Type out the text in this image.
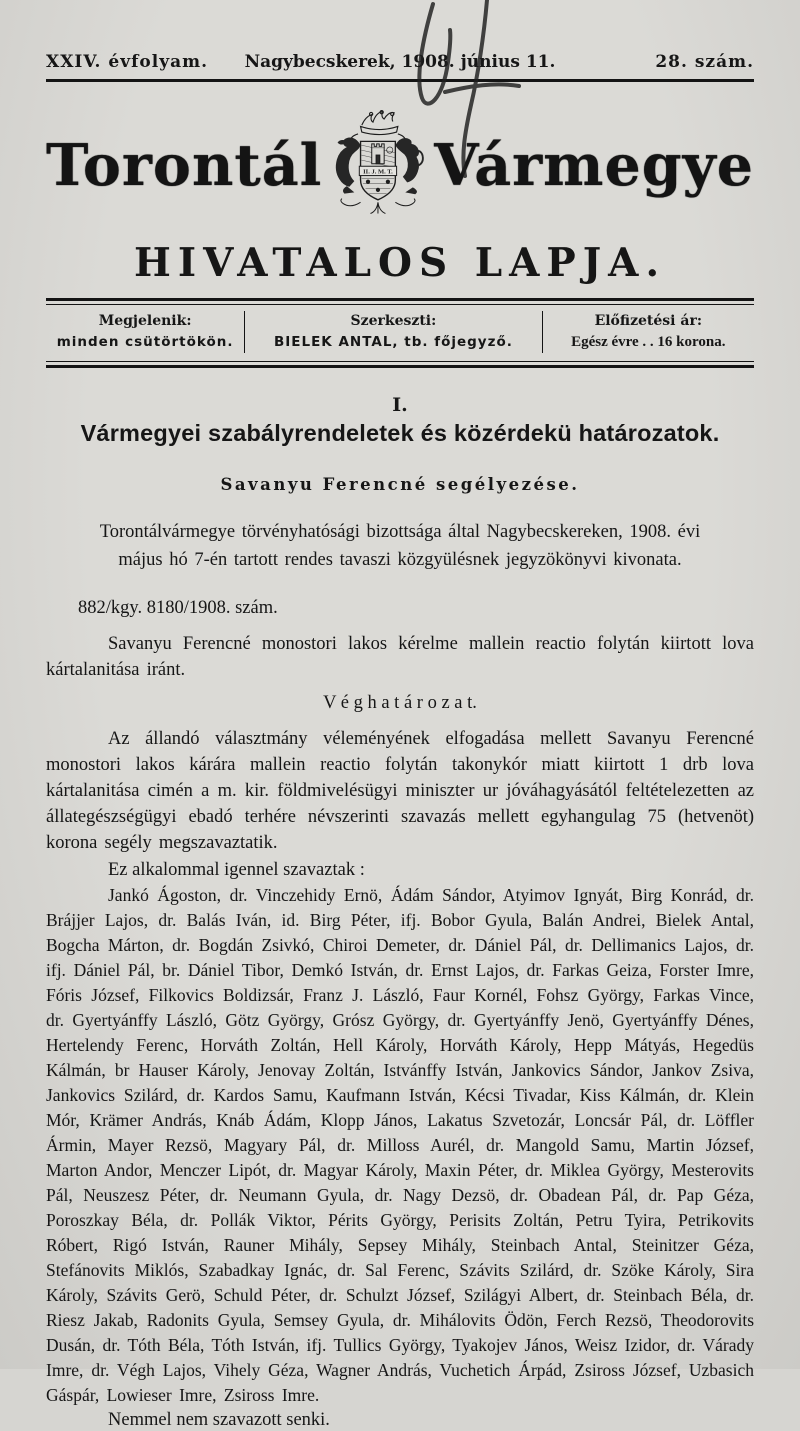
XXIV. évfolyam.	Nagybecskerek, 1908. június 11.	28. szám.
Torontál	II. J. M. T. Vármegye
HIVATALOS LAPJA.
Megjelenik:
minden csütörtökön.
Szerkeszti:
BIELEK ANTAL, tb. főjegyző.
Előfizetési ár:
Egész évre . . 16 korona.
I.
Vármegyei szabályrendeletek és közérdekü határozatok.
Savanyu Ferencné segélyezése.
Torontálvármegye törvényhatósági bizottsága által Nagybecskereken, 1908. évi május hó 7-én tartott rendes tavaszi közgyülésnek jegyzökönyvi kivonata.
882/kgy. 8180/1908. szám.

Savanyu Ferencné monostori lakos kérelme mallein reactio folytán kiirtott lova kártalanitása iránt.

V é g h a t á r o z a t.

Az állandó választmány véleményének elfogadása mellett Savanyu Ferencné monostori lakos kárára mallein reactio folytán takonykór miatt kiirtott 1 drb lova kártalanitása cimén a m. kir. földmivelésügyi miniszter ur jóváhagyásától feltételezetten az állategészségügyi ebadó terhére névszerinti szavazás mellett egyhangulag 75 (hetvenöt) korona segély megszavaztatik.

Ez alkalommal igennel szavaztak :

Jankó Ágoston, dr. Vinczehidy Ernö, Ádám Sándor, Atyimov Ignyát, Birg Konrád, dr. Brájjer Lajos, dr. Balás Iván, id. Birg Péter, ifj. Bobor Gyula, Balán Andrei, Bielek Antal, Bogcha Márton, dr. Bogdán Zsivkó, Chiroi Demeter, dr. Dániel Pál, dr. Dellimanics Lajos, dr. ifj. Dániel Pál, br. Dániel Tibor, Demkó István, dr. Ernst Lajos, dr. Farkas Geiza, Forster Imre, Fóris József, Filkovics Boldizsár, Franz J. László, Faur Kornél, Fohsz György, Farkas Vince, dr. Gyertyánffy László, Götz György, Grósz György, dr. Gyertyánffy Jenö, Gyertyánffy Dénes, Hertelendy Ferenc, Horváth Zoltán, Hell Károly, Horváth Károly, Hepp Mátyás, Hegedüs Kálmán, br Hauser Károly, Jenovay Zoltán, Istvánffy István, Jankovics Sándor, Jankov Zsiva, Jankovics Szilárd, dr. Kardos Samu, Kaufmann István, Kécsi Tivadar, Kiss Kálmán, dr. Klein Mór, Krämer András, Knáb Ádám, Klopp János, Lakatus Szvetozár, Loncsár Pál, dr. Löffler Ármin, Mayer Rezsö, Magyary Pál, dr. Milloss Aurél, dr. Mangold Samu, Martin József, Marton Andor, Menczer Lipót, dr. Magyar Károly, Maxin Péter, dr. Miklea György, Mesterovits Pál, Neuszesz Péter, dr. Neumann Gyula, dr. Nagy Dezsö, dr. Obadean Pál, dr. Pap Géza, Poroszkay Béla, dr. Pollák Viktor, Périts György, Perisits Zoltán, Petru Tyira, Petrikovits Róbert, Rigó István, Rauner Mihály, Sepsey Mihály, Steinbach Antal, Steinitzer Géza, Stefánovits Miklós, Szabadkay Ignác, dr. Sal Ferenc, Szávits Szilárd, dr. Szöke Károly, Sira Károly, Szávits Gerö, Schuld Péter, dr. Schulzt József, Szilágyi Albert, dr. Steinbach Béla, dr. Riesz Jakab, Radonits Gyula, Semsey Gyula, dr. Mihálovits Ödön, Ferch Rezsö, Theodorovits Dusán, dr. Tóth Béla, Tóth István, ifj. Tullics György, Tyakojev János, Weisz Izidor, dr. Várady Imre, dr. Végh Lajos, Vihely Géza, Wagner András, Vuchetich Árpád, Zsiross József, Uzbasich Gáspár, Lowieser Imre, Zsiross Imre.

Nemmel nem szavazott senki.
